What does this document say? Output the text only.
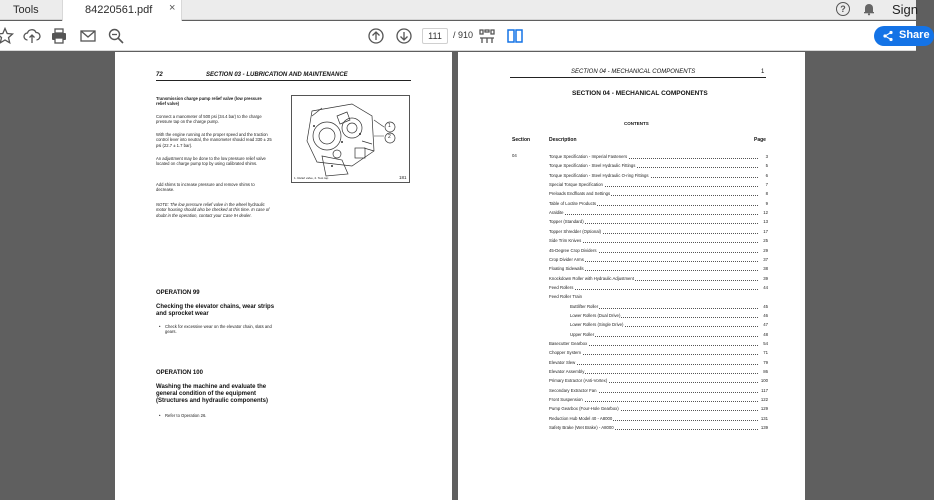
Tools	84220561.pdf ×	?	Sign
111	/ 910	Share
72	SECTION 03 - LUBRICATION AND MAINTENANCE
Transmission charge pump relief valve (low pressure relief valve)
Connect a manometer of 500 psi (34.4 bar) to the charge pressure tap on the charge pump.
With the engine running at the proper speed and the traction control lever into neutral, the manometer should read 330 ± 25 psi (22.7 ± 1.7 bar).
An adjustment may be done to the low pressure relief valve located on charge pump top by using calibrated shims.
Add shims to increase pressure and remove shims to decrease.
NOTE: The low pressure relief valve in the wheel hydraulic motor housing should also be checked at this time. In case of doubt in the operation, contact your Case IH dealer.
1
2
1. Relief valve, 2. Test tap	181
OPERATION 99
Checking the elevator chains, wear strips and sprocket wear
• Check for excessive wear on the elevator chain, slats and gears.
OPERATION 100
Washing the machine and evaluate the general condition of the equipment (Structures and hydraulic components)
• Refer to Operation 26.
SECTION 04 - MECHANICAL COMPONENTS	1
SECTION 04 - MECHANICAL COMPONENTS
CONTENTS
Section	Description	Page
04	Torque Specification - Imperial Fasteners	3
Torque Specification - Steel Hydraulic Fittings	5
Torque Specification - Steel Hydraulic O-ring Fittings	6
Special Torque Specification	7
Preloads Endfloats and Settings	8
Table of Loctite Products	9
Araldite	12
Topper (Standard)	13
Topper Shredder (Optional)	17
Side Trim Knives	25
45-Degree Crop Dividers	29
Crop Divider Arms	37
Floating Sidewalls	38
Knockdown Roller with Hydraulic Adjustment	39
Feed Rollers	44
Feed Roller Train
Buttlifter Roller	45
Lower Rollers (Dual Drive)	46
Lower Rollers (Single Drive)	47
Upper Roller	48
Basecutter Gearbox	54
Chopper System	71
Elevator Slew	79
Elevator Assembly	86
Primary Extractor (Anti-Vortex)	100
Secondary Extractor Fan	117
Front Suspension	122
Pump Gearbox (Four-Hole Gearbox)	129
Reduction Hub Model 40 - A8000	131
Safety Brake (Wet Brake) - A8000	139
